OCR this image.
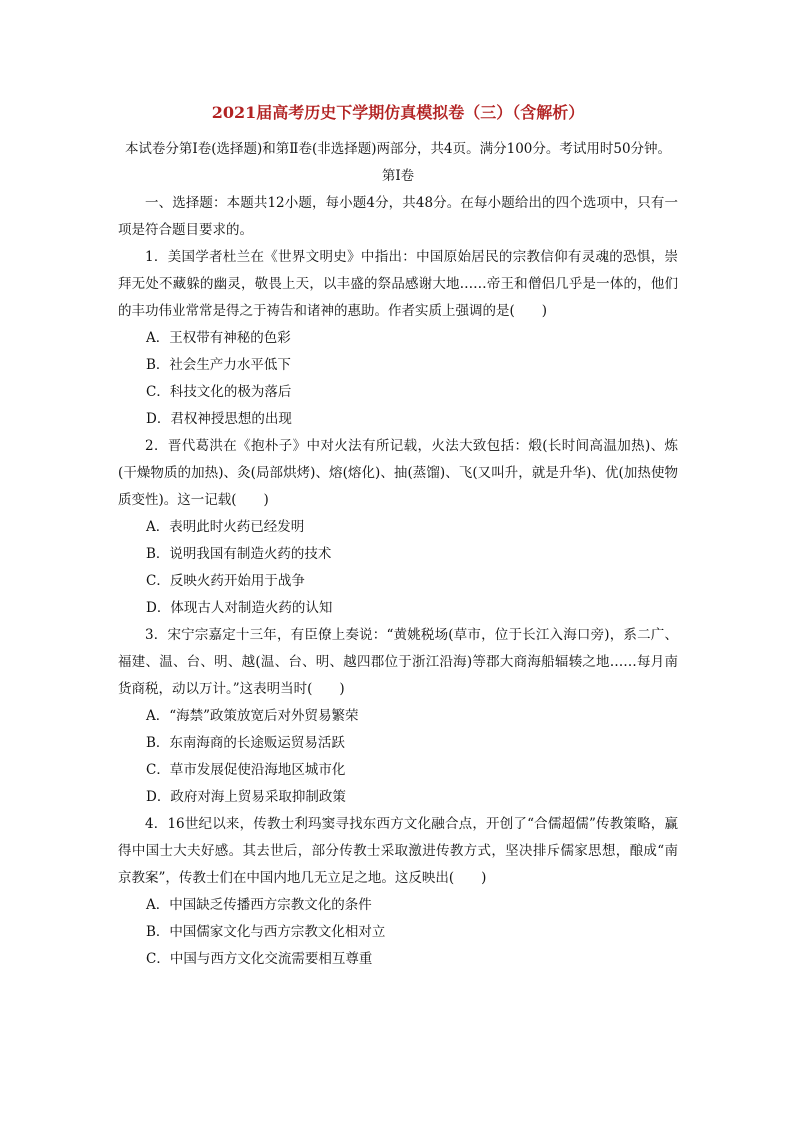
2021届高考历史下学期仿真模拟卷（三）（含解析）
本试卷分第Ⅰ卷(选择题)和第Ⅱ卷(非选择题)两部分，共4页。满分100分。考试用时50分钟。
第Ⅰ卷
一、选择题：本题共12小题，每小题4分，共48分。在每小题给出的四个选项中，只有一项是符合题目要求的。
1．美国学者杜兰在《世界文明史》中指出：中国原始居民的宗教信仰有灵魂的恐惧，崇拜无处不藏躲的幽灵，敬畏上天，以丰盛的祭品感谢大地……帝王和僧侣几乎是一体的，他们的丰功伟业常常是得之于祷告和诸神的惠助。作者实质上强调的是(　　)
A．王权带有神秘的色彩
B．社会生产力水平低下
C．科技文化的极为落后
D．君权神授思想的出现
2．晋代葛洪在《抱朴子》中对火法有所记载，火法大致包括：煅(长时间高温加热)、炼(干燥物质的加热)、灸(局部烘烤)、熔(熔化)、抽(蒸馏)、飞(又叫升，就是升华)、优(加热使物质变性)。这一记载(　　)
A．表明此时火药已经发明
B．说明我国有制造火药的技术
C．反映火药开始用于战争
D．体现古人对制造火药的认知
3．宋宁宗嘉定十三年，有臣僚上奏说：“黄姚税场(草市，位于长江入海口旁)，系二广、福建、温、台、明、越(温、台、明、越四郡位于浙江沿海)等郡大商海船辐辏之地……每月南货商税，动以万计。”这表明当时(　　)
A．“海禁”政策放宽后对外贸易繁荣
B．东南海商的长途贩运贸易活跃
C．草市发展促使沿海地区城市化
D．政府对海上贸易采取抑制政策
4．16世纪以来，传教士利玛窦寻找东西方文化融合点，开创了“合儒超儒”传教策略，赢得中国士大夫好感。其去世后，部分传教士采取激进传教方式，坚决排斥儒家思想，酿成“南京教案”，传教士们在中国内地几无立足之地。这反映出(　　)
A．中国缺乏传播西方宗教文化的条件
B．中国儒家文化与西方宗教文化相对立
C．中国与西方文化交流需要相互尊重
